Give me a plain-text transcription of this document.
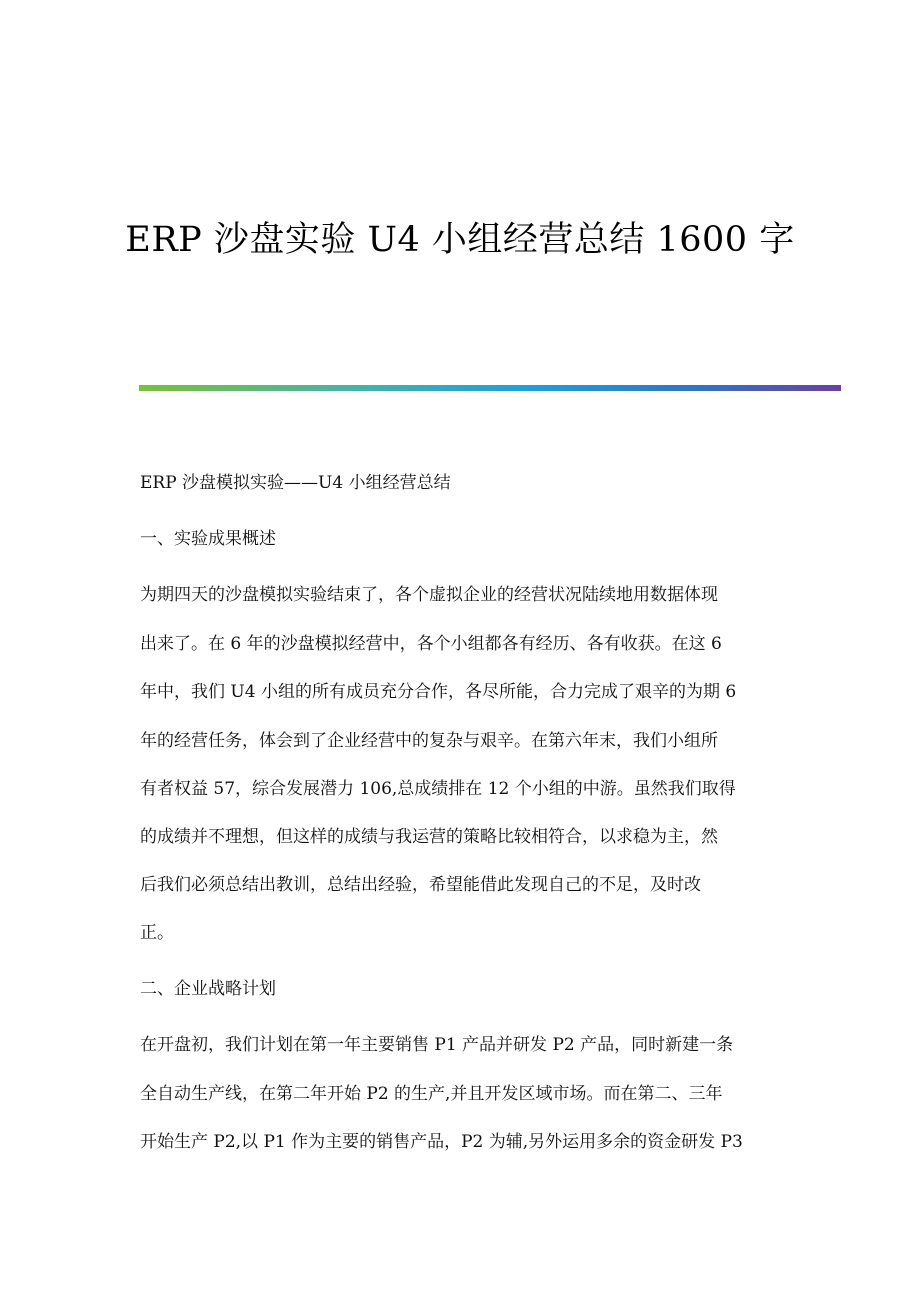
ERP 沙盘实验 U4 小组经营总结 1600 字
ERP 沙盘模拟实验——U4 小组经营总结
一、实验成果概述
为期四天的沙盘模拟实验结束了，各个虚拟企业的经营状况陆续地用数据体现
出来了。在 6 年的沙盘模拟经营中，各个小组都各有经历、各有收获。在这 6
年中，我们 U4 小组的所有成员充分合作，各尽所能，合力完成了艰辛的为期 6
年的经营任务，体会到了企业经营中的复杂与艰辛。在第六年末，我们小组所
有者权益 57，综合发展潜力 106,总成绩排在 12 个小组的中游。虽然我们取得
的成绩并不理想，但这样的成绩与我运营的策略比较相符合，以求稳为主，然
后我们必须总结出教训，总结出经验，希望能借此发现自己的不足，及时改
正。
二、企业战略计划
在开盘初，我们计划在第一年主要销售 P1 产品并研发 P2 产品，同时新建一条
全自动生产线，在第二年开始 P2 的生产,并且开发区域市场。而在第二、三年
开始生产 P2,以 P1 作为主要的销售产品，P2 为辅,另外运用多余的资金研发 P3
